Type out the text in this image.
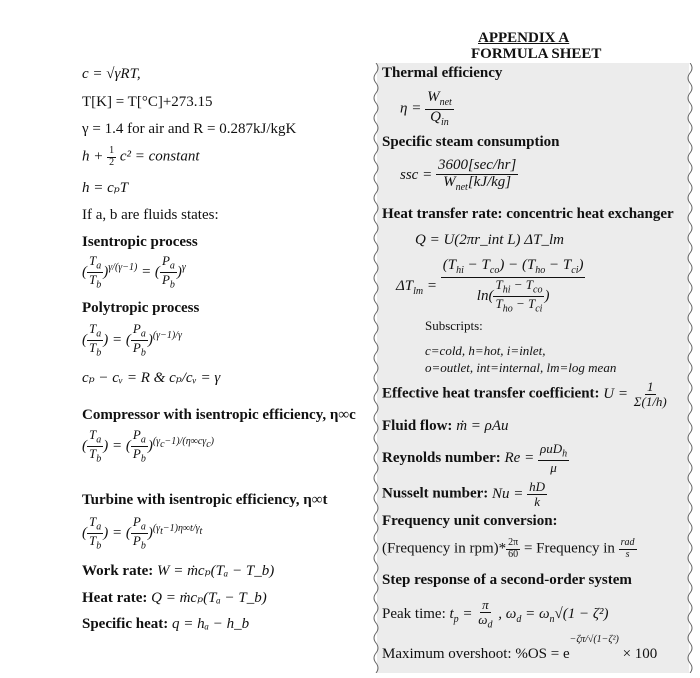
APPENDIX A
FORMULA SHEET
c = √γRT,
T[K] = T[°C]+273.15
γ = 1.4 for air and R = 0.287kJ/kgK
$h + \frac{1}{2} c^2$ = constant
h = cₚT
If a, b are fluids states:
Isentropic process
( $\frac{T_a}{T_b} )^{\gamma/(\gamma-1)}$ = ( $\frac{P_a}{P_b} )^\gamma$
Polytropic process
( $\frac{T_a}{T_b}$ ) = ( $\frac{P_a}{P_b} )^{(\gamma-1)/\gamma}$
cₚ − cᵥ = R & cₚ/cᵥ = γ
Compressor with isentropic efficiency, η∞c
( $\frac{T_a}{T_b}$ ) = ( $\frac{P_a}{P_b} )^{(\gamma_c-1)/(\eta\infty c\gamma_c)}$
Turbine with isentropic efficiency, η∞t
( $\frac{T_a}{T_b}$ ) = ( $\frac{P_a}{P_b} )^{(\gamma_t-1)\eta\infty t/\gamma_t}$
Work rate: W = ṁcₚ(Tₐ − T_b)
Heat rate: Q = ṁcₚ(Tₐ − T_b)
Specific heat: q = hₐ − h_b
Thermal efficiency
$\eta = \frac{W_{net}}{Q_{in}}$
Specific steam consumption
ssc = $\frac{3600[\sec/hr]}{W_{net}[kJ/kg]}$
Heat transfer rate: concentric heat exchanger
Q = U(2πr_int L) ΔT_lm
$\Delta T_{lm} = \frac{(T_{hi} - T_{co}) - (T_{ho} - T_{ci})}{\ln( \frac{T_{hi} - T_{co}}{T_{ho} - T_{ci}} )}$
Subscripts:
c=cold, h=hot, i=inlet,
o=outlet, int=internal, lm=log mean
Effective heat transfer coefficient: $U = \frac{1}{\Sigma(1/h)}$
Fluid flow: ṁ = ρAu
Reynolds number: $Re = \frac{\rho uD_h}{\mu}$
Nusselt number: $Nu = \frac{hD}{k}$
Frequency unit conversion:
(Frequency in $rpm)* \frac{2\pi}{60}$ = Frequency in $\frac{\text{rad}}{s}$
Step response of a second-order system
Peak time: $t_p = \frac{\pi}{\omega_d}$ , $\omega_d = \omega_n√(1 - \zeta^2)$
Maximum overshoot: $\%OS = e^{-\zeta\pi/√(1-\zeta^2)} \times 100$
